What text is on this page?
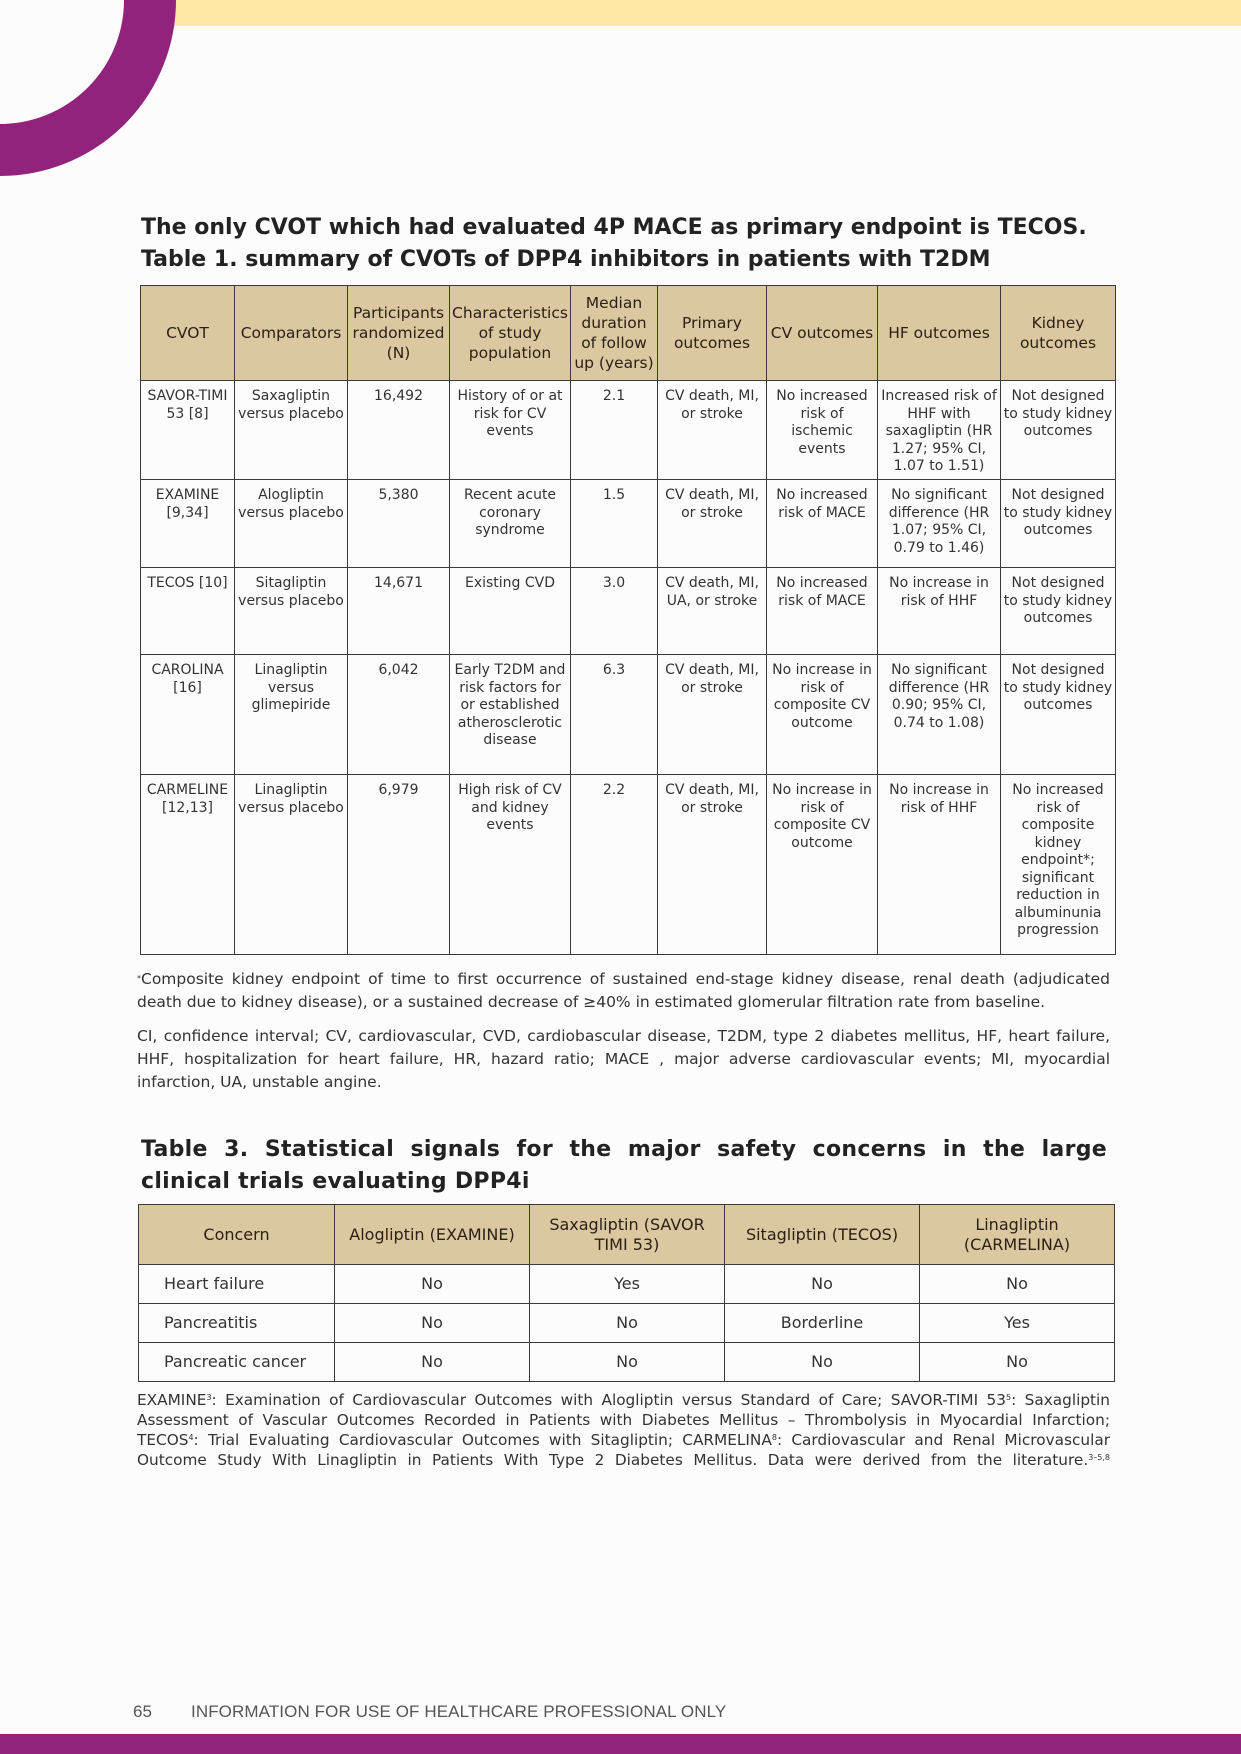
The only CVOT which had evaluated 4P MACE as primary endpoint is TECOS.
Table 1. summary of CVOTs of DPP4 inhibitors in patients with T2DM
CVOT	Comparators	Participants randomized (N)	Characteristics of study population	Median duration of follow up (years)	Primary outcomes	CV outcomes	HF outcomes	Kidney outcomes
SAVOR-TIMI 53 [8]	Saxagliptin versus placebo	16,492	History of or at risk for CV events	2.1	CV death, MI, or stroke	No increased risk of ischemic events	Increased risk of HHF with saxagliptin (HR 1.27; 95% CI, 1.07 to 1.51)	Not designed to study kidney outcomes
EXAMINE [9,34]	Alogliptin versus placebo	5,380	Recent acute coronary syndrome	1.5	CV death, MI, or stroke	No increased risk of MACE	No significant difference (HR 1.07; 95% CI, 0.79 to 1.46)	Not designed to study kidney outcomes
TECOS [10]	Sitagliptin versus placebo	14,671	Existing CVD	3.0	CV death, MI, UA, or stroke	No increased risk of MACE	No increase in risk of HHF	Not designed to study kidney outcomes
CAROLINA [16]	Linagliptin versus glimepiride	6,042	Early T2DM and risk factors for or established atherosclerotic disease	6.3	CV death, MI, or stroke	No increase in risk of composite CV outcome	No significant difference (HR 0.90; 95% CI, 0.74 to 1.08)	Not designed to study kidney outcomes
CARMELINE [12,13]	Linagliptin versus placebo	6,979	High risk of CV and kidney events	2.2	CV death, MI, or stroke	No increase in risk of composite CV outcome	No increase in risk of HHF	No increased risk of composite kidney endpoint*; significant reduction in albuminunia progression
*Composite kidney endpoint of time to first occurrence of sustained end-stage kidney disease, renal death (adjudicated death due to kidney disease), or a sustained decrease of ≥40% in estimated glomerular filtration rate from baseline.
CI, confidence interval; CV, cardiovascular, CVD, cardiobascular disease, T2DM, type 2 diabetes mellitus, HF, heart failure, HHF, hospitalization for heart failure, HR, hazard ratio; MACE , major adverse cardiovascular events; MI, myocardial infarction, UA, unstable angine.
Table 3. Statistical signals for the major safety concerns in the large clinical trials evaluating DPP4i
Concern	Alogliptin (EXAMINE)	Saxagliptin (SAVOR TIMI 53)	Sitagliptin (TECOS)	Linagliptin (CARMELINA)
Heart failure	No	Yes	No	No
Pancreatitis	No	No	Borderline	Yes
Pancreatic cancer	No	No	No	No
EXAMINE$^3$: Examination of Cardiovascular Outcomes with Alogliptin versus Standard of Care; SAVOR-TIMI $53^5$: Saxagliptin Assessment of Vascular Outcomes Recorded in Patients with Diabetes Mellitus – Thrombolysis in Myocardial Infarction; TECOS$^4$: Trial Evaluating Cardiovascular Outcomes with Sitagliptin; CARMELINA$^8$: Cardiovascular and Renal Microvascular Outcome Study With Linagliptin in Patients With Type 2 Diabetes Mellitus. Data were derived from the literature.$^{3-5,8}$
65 INFORMATION FOR USE OF HEALTHCARE PROFESSIONAL ONLY
